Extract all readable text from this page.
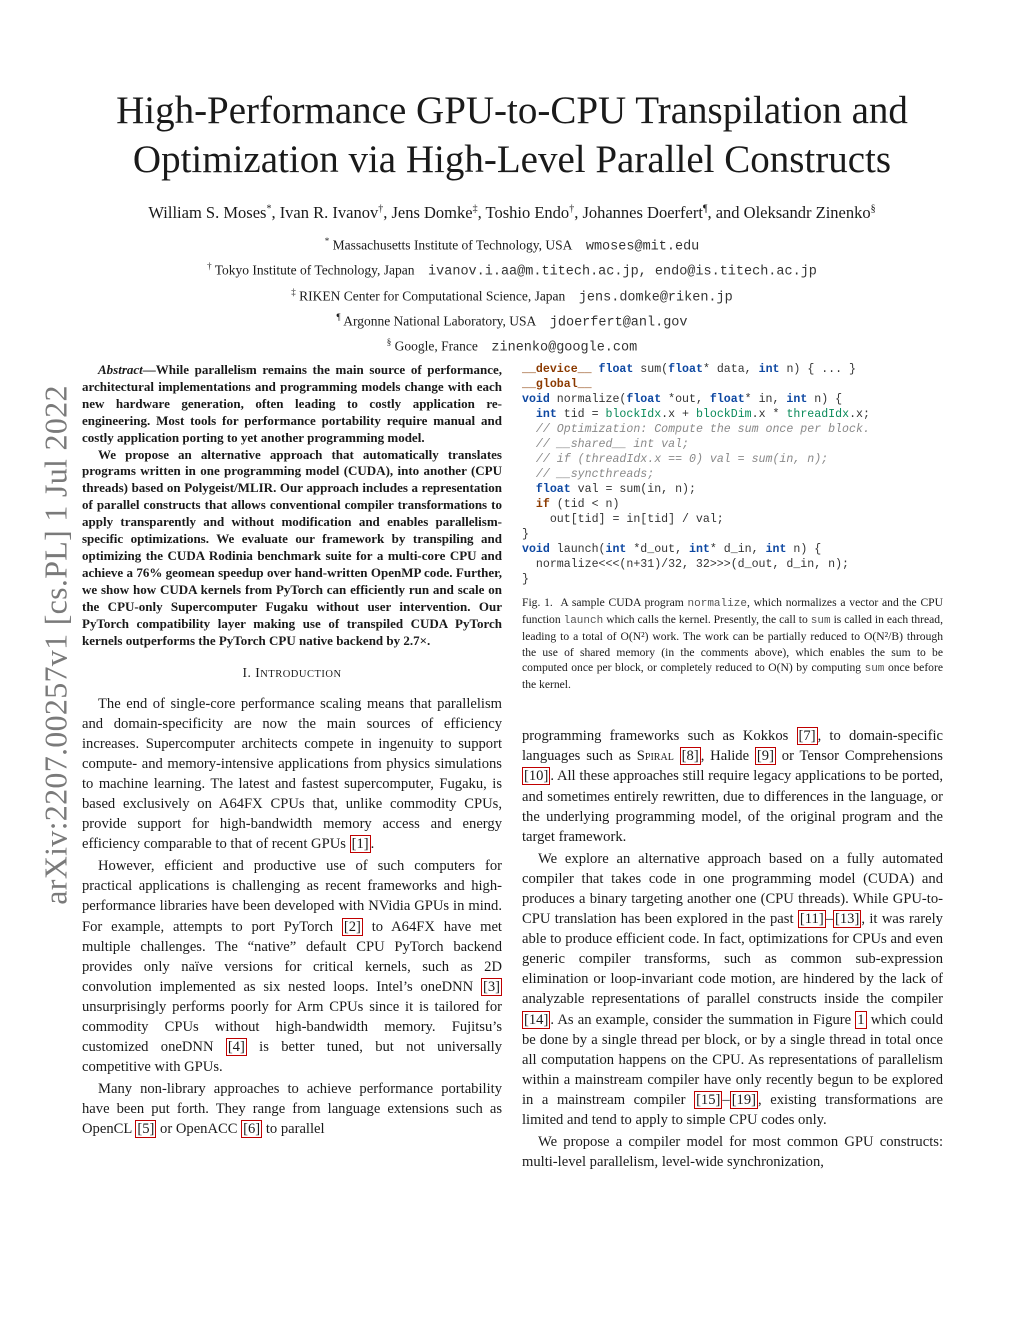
High-Performance GPU-to-CPU Transpilation and
Optimization via High-Level Parallel Constructs
William S. Moses*, Ivan R. Ivanov†, Jens Domke‡, Toshio Endo†, Johannes Doerfert¶, and Oleksandr Zinenko§
* Massachusetts Institute of Technology, USA    wmoses@mit.edu
† Tokyo Institute of Technology, Japan    ivanov.i.aa@m.titech.ac.jp, endo@is.titech.ac.jp
‡ RIKEN Center for Computational Science, Japan    jens.domke@riken.jp
¶ Argonne National Laboratory, USA    jdoerfert@anl.gov
§ Google, France    zinenko@google.com
arXiv:2207.00257v1 [cs.PL] 1 Jul 2022

Abstract—While parallelism remains the main source of performance, architectural implementations and programming models change with each new hardware generation, often leading to costly application re-engineering. Most tools for performance portability require manual and costly application porting to yet another programming model.

We propose an alternative approach that automatically translates programs written in one programming model (CUDA), into another (CPU threads) based on Polygeist/MLIR. Our approach includes a representation of parallel constructs that allows conventional compiler transformations to apply transparently and without modification and enables parallelism-specific optimizations. We evaluate our framework by transpiling and optimizing the CUDA Rodinia benchmark suite for a multi-core CPU and achieve a 76% geomean speedup over hand-written OpenMP code. Further, we show how CUDA kernels from PyTorch can efficiently run and scale on the CPU-only Supercomputer Fugaku without user intervention. Our PyTorch compatibility layer making use of transpiled CUDA PyTorch kernels outperforms the PyTorch CPU native backend by 2.7×.

I. INTRODUCTION

The end of single-core performance scaling means that parallelism and domain-specificity are now the main sources of efficiency increases. Supercomputer architects compete in ingenuity to support compute- and memory-intensive applications from physics simulations to machine learning. The latest and fastest supercomputer, Fugaku, is based exclusively on A64FX CPUs that, unlike commodity CPUs, provide support for high-bandwidth memory access and energy efficiency comparable to that of recent GPUs [1] .

However, efficient and productive use of such computers for practical applications is challenging as recent frameworks and high-performance libraries have been developed with NVidia GPUs in mind. For example, attempts to port PyTorch [2] to A64FX have met multiple challenges. The “native” default CPU PyTorch backend provides only naïve versions for critical kernels, such as 2D convolution implemented as six nested loops. Intel’s oneDNN [3] unsurprisingly performs poorly for Arm CPUs since it is tailored for commodity CPUs without high-bandwidth memory. Fujitsu’s customized oneDNN [4] is better tuned, but not universally competitive with GPUs.

Many non-library approaches to achieve performance portability have been put forth. They range from language extensions such as OpenCL [5] or OpenACC [6] to parallel

__device__ float sum(float* data, int n) { ... }
__global__
void normalize(float *out, float* in, int n) {
int tid = blockIdx.x + blockDim.x * threadIdx.x;
// Optimization: Compute the sum once per block.
// __shared__ int val;
// if (threadIdx.x == 0) val = sum(in, n);
// __syncthreads;
float val = sum(in, n);
if (tid < n)
out[tid] = in[tid] / val;
}
void launch(int *d_out, int* d_in, int n) {
normalize<<<(n+31)/32, 32>>>(d_out, d_in, n);
}
Fig. 1. A sample CUDA program normalize, which normalizes a vector and the CPU function launch which calls the kernel. Presently, the call to sum is called in each thread, leading to a total of O(N²) work. The work can be partially reduced to O(N²/B) through the use of shared memory (in the comments above), which enables the sum to be computed once per block, or completely reduced to O(N) by computing sum once before the kernel.

programming frameworks such as Kokkos [7] , to domain-specific languages such as Spiral [8] , Halide [9] or Tensor Comprehensions [10] . All these approaches still require legacy applications to be ported, and sometimes entirely rewritten, due to differences in the language, or the underlying programming model, of the original program and the target framework.

We explore an alternative approach based on a fully automated compiler that takes code in one programming model (CUDA) and produces a binary targeting another one (CPU threads). While GPU-to-CPU translation has been explored in the past [11] – [13] , it was rarely able to produce efficient code. In fact, optimizations for CPUs and even generic compiler transforms, such as common sub-expression elimination or loop-invariant code motion, are hindered by the lack of analyzable representations of parallel constructs inside the compiler [14] . As an example, consider the summation in Figure 1 which could be done by a single thread per block, or by a single thread in total once all computation happens on the CPU. As representations of parallelism within a mainstream compiler have only recently begun to be explored in a mainstream compiler [15] – [19] , existing transformations are limited and tend to apply to simple CPU codes only.

We propose a compiler model for most common GPU constructs: multi-level parallelism, level-wide synchronization,
